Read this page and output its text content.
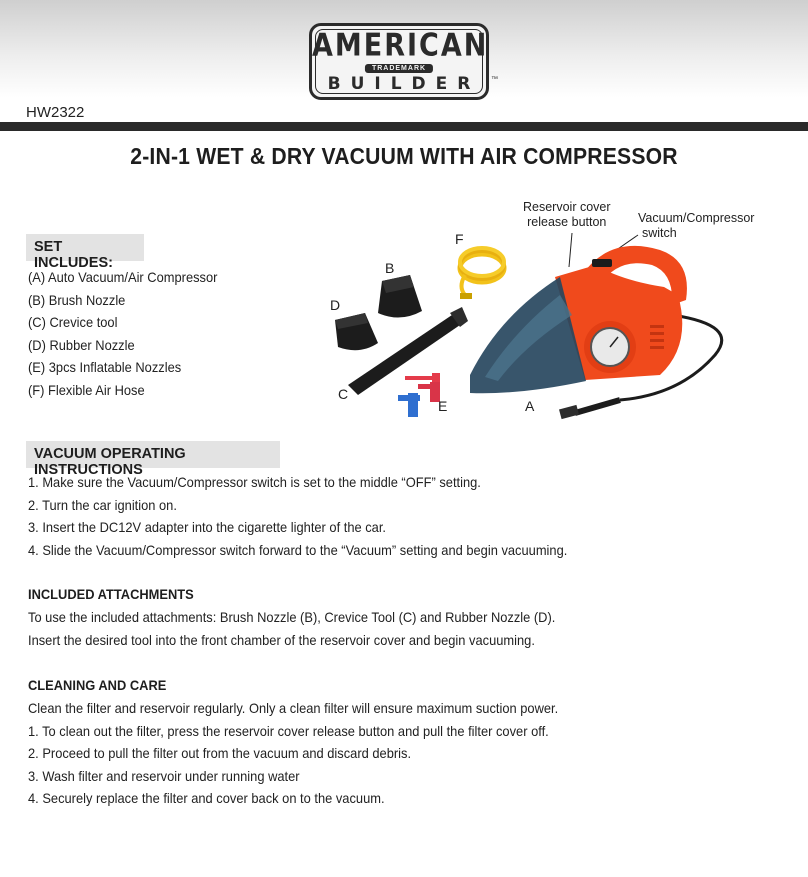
AMERICAN
TRADEMARK
BUILDER	™
HW2322
2-IN-1 WET & DRY VACUUM WITH AIR COMPRESSOR
SET INCLUDES:
(A) Auto Vacuum/Air Compressor
(B) Brush Nozzle
(C) Crevice tool
(D) Rubber Nozzle
(E) 3pcs Inflatable Nozzles
(F) Flexible Air Hose
Reservoir cover
release button	Vacuum/Compressor
switch
F
B
D
C
E	A
VACUUM OPERATING INSTRUCTIONS
1. Make sure the Vacuum/Compressor switch is set to the middle “OFF” setting.
2. Turn the car ignition on.
3. Insert the DC12V adapter into the cigarette lighter of the car.
4. Slide the Vacuum/Compressor switch forward to the “Vacuum” setting and begin vacuuming.
INCLUDED ATTACHMENTS
To use the included attachments: Brush Nozzle (B), Crevice Tool (C) and Rubber Nozzle (D).
Insert the desired tool into the front chamber of the reservoir cover and begin vacuuming.
CLEANING AND CARE
Clean the filter and reservoir regularly. Only a clean filter will ensure maximum suction power.
1. To clean out the filter, press the reservoir cover release button and pull the filter cover off.
2. Proceed to pull the filter out from the vacuum and discard debris.
3. Wash filter and reservoir under running water
4. Securely replace the filter and cover back on to the vacuum.
